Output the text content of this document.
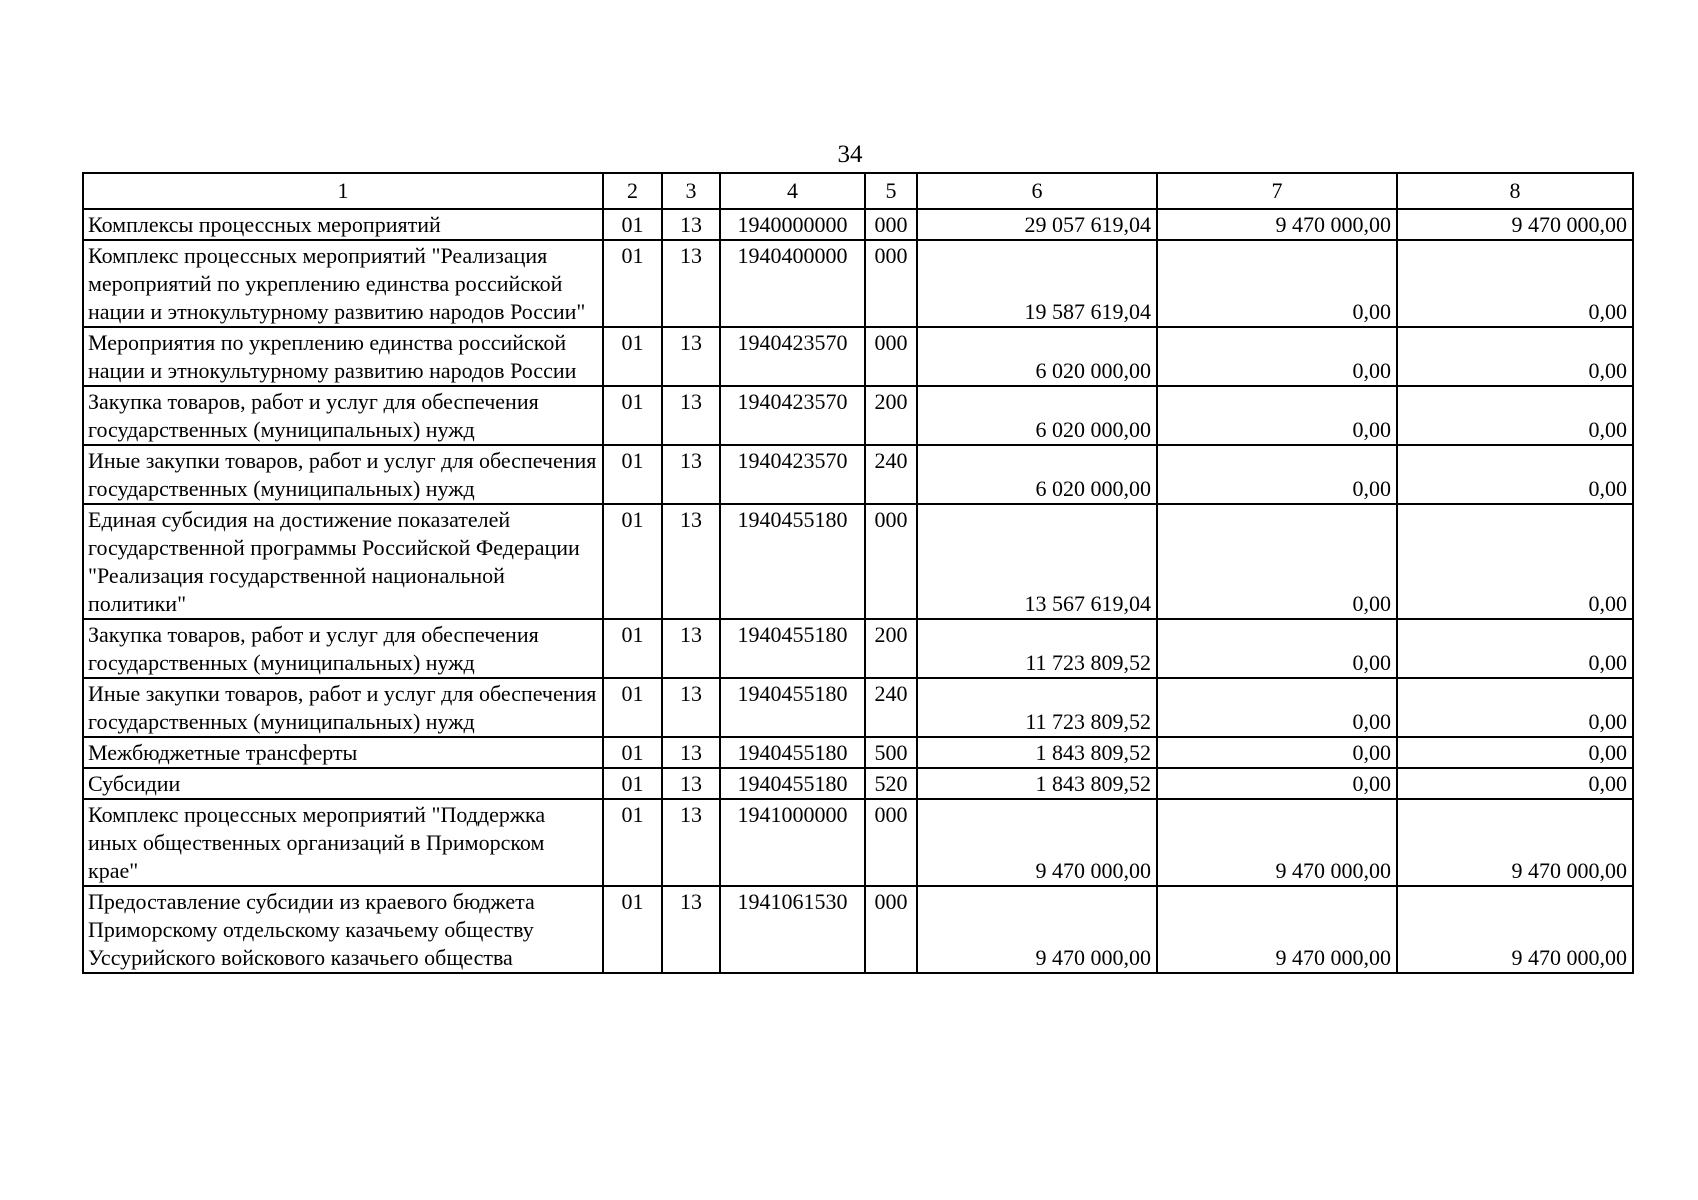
34
1	2	3	4	5	6	7	8
Комплексы процессных мероприятий	01	13	1940000000	000	29 057 619,04	9 470 000,00	9 470 000,00
Комплекс процессных мероприятий "Реализация мероприятий по укреплению единства российской нации и этнокультурному развитию народов России"	01	13	1940400000	000	19 587 619,04	0,00	0,00
Мероприятия по укреплению единства российской нации и этнокультурному развитию народов России	01	13	1940423570	000	6 020 000,00	0,00	0,00
Закупка товаров, работ и услуг для обеспечения государственных (муниципальных) нужд	01	13	1940423570	200	6 020 000,00	0,00	0,00
Иные закупки товаров, работ и услуг для обеспечения государственных (муниципальных) нужд	01	13	1940423570	240	6 020 000,00	0,00	0,00
Единая субсидия на достижение показателей государственной программы Российской Федерации "Реализация государственной национальной политики"	01	13	1940455180	000	13 567 619,04	0,00	0,00
Закупка товаров, работ и услуг для обеспечения государственных (муниципальных) нужд	01	13	1940455180	200	11 723 809,52	0,00	0,00
Иные закупки товаров, работ и услуг для обеспечения государственных (муниципальных) нужд	01	13	1940455180	240	11 723 809,52	0,00	0,00
Межбюджетные трансферты	01	13	1940455180	500	1 843 809,52	0,00	0,00
Субсидии	01	13	1940455180	520	1 843 809,52	0,00	0,00
Комплекс процессных мероприятий "Поддержка иных общественных организаций в Приморском крае"	01	13	1941000000	000	9 470 000,00	9 470 000,00	9 470 000,00
Предоставление субсидии из краевого бюджета Приморскому отдельскому казачьему обществу Уссурийского войскового казачьего общества	01	13	1941061530	000	9 470 000,00	9 470 000,00	9 470 000,00
